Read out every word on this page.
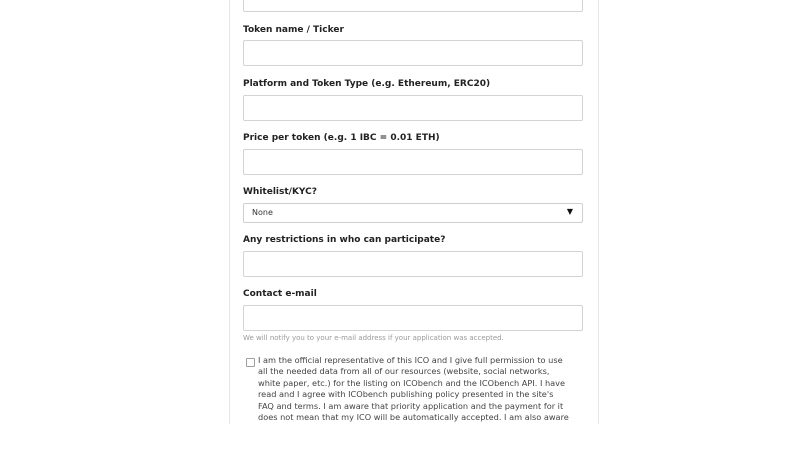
Token name / Ticker
Platform and Token Type (e.g. Ethereum, ERC20)
Price per token (e.g. 1 IBC = 0.01 ETH)
Whitelist/KYC?
None	▼
Any restrictions in who can participate?
Contact e-mail
We will notify you to your e-mail address if your application was accepted.
I am the official representative of this ICO and I give full permission to use
all the needed data from all of our resources (website, social networks,
white paper, etc.) for the listing on ICObench and the ICObench API. I have
read and I agree with ICObench publishing policy presented in the site's
FAQ and terms. I am aware that priority application and the payment for it
does not mean that my ICO will be automatically accepted. I am also aware
